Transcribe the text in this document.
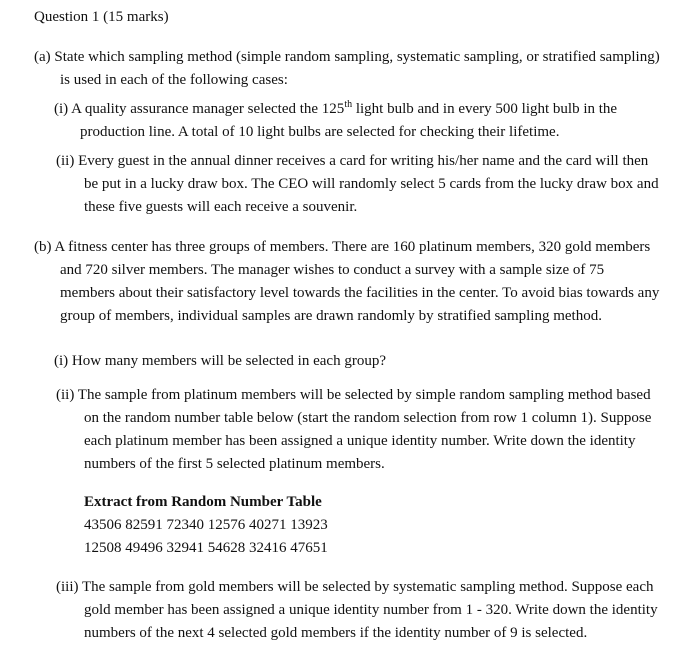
Question 1 (15 marks)

(a) State which sampling method (simple random sampling, systematic sampling, or stratified sampling) is used in each of the following cases:

(i) A quality assurance manager selected the 125th light bulb and in every 500 light bulb in the production line. A total of 10 light bulbs are selected for checking their lifetime.

(ii) Every guest in the annual dinner receives a card for writing his/her name and the card will then be put in a lucky draw box. The CEO will randomly select 5 cards from the lucky draw box and these five guests will each receive a souvenir.

(b) A fitness center has three groups of members. There are 160 platinum members, 320 gold members and 720 silver members. The manager wishes to conduct a survey with a sample size of 75 members about their satisfactory level towards the facilities in the center. To avoid bias towards any group of members, individual samples are drawn randomly by stratified sampling method.

(i) How many members will be selected in each group?

(ii) The sample from platinum members will be selected by simple random sampling method based on the random number table below (start the random selection from row 1 column 1). Suppose each platinum member has been assigned a unique identity number. Write down the identity numbers of the first 5 selected platinum members.

Extract from Random Number Table
43506 82591 72340 12576 40271 13923
12508 49496 32941 54628 32416 47651

(iii) The sample from gold members will be selected by systematic sampling method. Suppose each gold member has been assigned a unique identity number from 1 - 320. Write down the identity numbers of the next 4 selected gold members if the identity number of 9 is selected.
